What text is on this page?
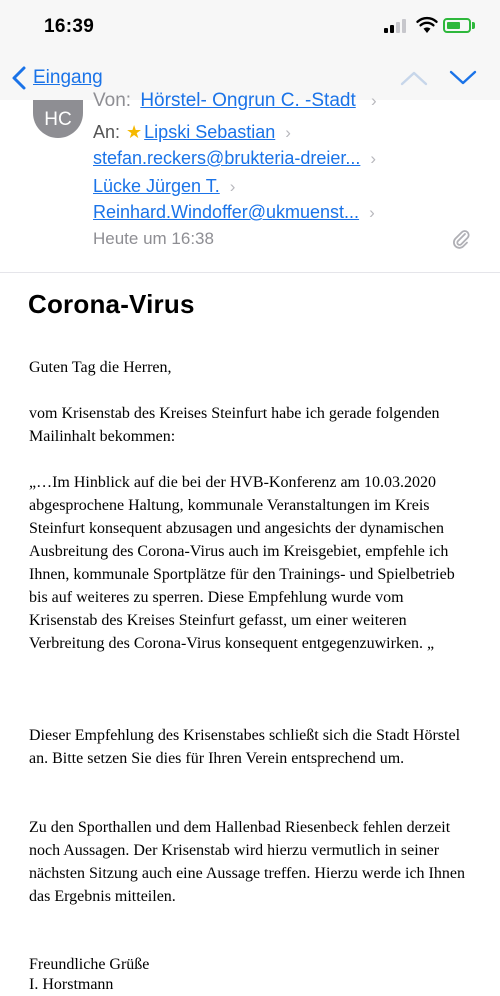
16:39
Eingang
HC
Von: Hörstel- Ongrun C. -Stadt ›
An: ★ Lipski Sebastian ›
stefan.reckers@brukteria-dreier... ›
Lücke Jürgen T. ›
Reinhard.Windoffer@ukmuenst... ›
Heute um 16:38
Corona-Virus
Guten Tag die Herren,
vom Krisenstab des Kreises Steinfurt habe ich gerade folgenden Mailinhalt bekommen:
„…Im Hinblick auf die bei der HVB-Konferenz am 10.03.2020 abgesprochene Haltung, kommunale Veranstaltungen im Kreis Steinfurt konsequent abzusagen und angesichts der dynamischen Ausbreitung des Corona-Virus auch im Kreisgebiet, empfehle ich Ihnen, kommunale Sportplätze für den Trainings- und Spielbetrieb bis auf weiteres zu sperren. Diese Empfehlung wurde vom Krisenstab des Kreises Steinfurt gefasst, um einer weiteren Verbreitung des Corona-Virus konsequent entgegenzuwirken. „
Dieser Empfehlung des Krisenstabes schließt sich die Stadt Hörstel an. Bitte setzen Sie dies für Ihren Verein entsprechend um.
Zu den Sporthallen und dem Hallenbad Riesenbeck fehlen derzeit noch Aussagen. Der Krisenstab wird hierzu vermutlich in seiner nächsten Sitzung auch eine Aussage treffen. Hierzu werde ich Ihnen das Ergebnis mitteilen.
Freundliche Grüße
I. Horstmann
